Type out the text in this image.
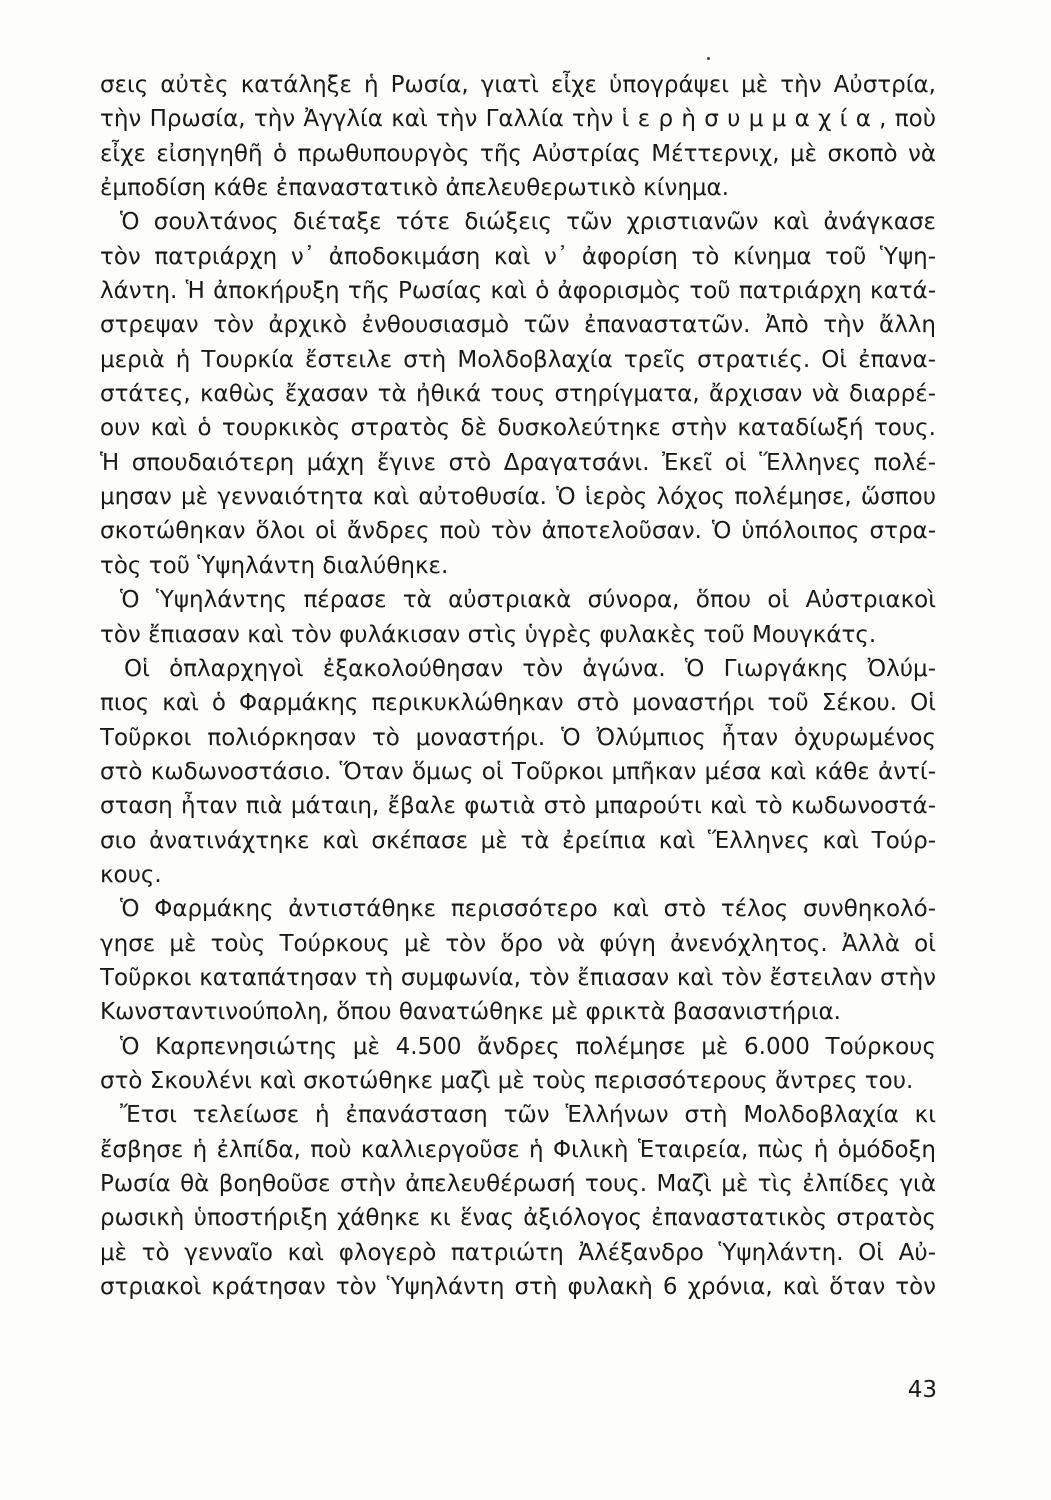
σεις αὐτὲς κατάληξε ἡ Ρωσία, γιατὶ εἶχε ὑπογράψει μὲ τὴν Αὐστρία,
τὴν Πρωσία, τὴν Ἀγγλία καὶ τὴν Γαλλία τὴν ἱ ε ρ ὴ σ υ μ μ α χ ί α , ποὺ
εἶχε εἰσηγηθῆ ὁ πρωθυπουργὸς τῆς Αὐστρίας Μέττερνιχ, μὲ σκοπὸ νὰ
ἐμποδίση κάθε ἐπαναστατικὸ ἀπελευθερωτικὸ κίνημα.
Ὁ σουλτάνος διέταξε τότε διώξεις τῶν χριστιανῶν καὶ ἀνάγκασε
τὸν πατριάρχη ν᾽ ἀποδοκιμάση καὶ ν᾽ ἀφορίση τὸ κίνημα τοῦ Ὑψη-
λάντη. Ἡ ἀποκήρυξη τῆς Ρωσίας καὶ ὁ ἀφορισμὸς τοῦ πατριάρχη κατά-
στρεψαν τὸν ἀρχικὸ ἐνθουσιασμὸ τῶν ἐπαναστατῶν. Ἀπὸ τὴν ἄλλη
μεριὰ ἡ Τουρκία ἔστειλε στὴ Μολδοβλαχία τρεῖς στρατιές. Οἱ ἐπανα-
στάτες, καθὼς ἔχασαν τὰ ἠθικά τους στηρίγματα, ἄρχισαν νὰ διαρρέ-
ουν καὶ ὁ τουρκικὸς στρατὸς δὲ δυσκολεύτηκε στὴν καταδίωξή τους.
Ἡ σπουδαιότερη μάχη ἔγινε στὸ Δραγατσάνι. Ἐκεῖ οἱ Ἕλληνες πολέ-
μησαν μὲ γενναιότητα καὶ αὐτοθυσία. Ὁ ἱερὸς λόχος πολέμησε, ὥσπου
σκοτώθηκαν ὅλοι οἱ ἄνδρες ποὺ τὸν ἀποτελοῦσαν. Ὁ ὑπόλοιπος στρα-
τὸς τοῦ Ὑψηλάντη διαλύθηκε.
Ὁ Ὑψηλάντης πέρασε τὰ αὐστριακὰ σύνορα, ὅπου οἱ Αὐστριακοὶ
τὸν ἔπιασαν καὶ τὸν φυλάκισαν στὶς ὑγρὲς φυλακὲς τοῦ Μουγκάτς.
Οἱ ὁπλαρχηγοὶ ἐξακολούθησαν τὸν ἀγώνα. Ὁ Γιωργάκης Ὀλύμ-
πιος καὶ ὁ Φαρμάκης περικυκλώθηκαν στὸ μοναστήρι τοῦ Σέκου. Οἱ
Τοῦρκοι πολιόρκησαν τὸ μοναστήρι. Ὁ Ὀλύμπιος ἦταν ὀχυρωμένος
στὸ κωδωνοστάσιο. Ὅταν ὅμως οἱ Τοῦρκοι μπῆκαν μέσα καὶ κάθε ἀντί-
σταση ἦταν πιὰ μάταιη, ἔβαλε φωτιὰ στὸ μπαρούτι καὶ τὸ κωδωνοστά-
σιο ἀνατινάχτηκε καὶ σκέπασε μὲ τὰ ἐρείπια καὶ Ἕλληνες καὶ Τούρ-
κους.
Ὁ Φαρμάκης ἀντιστάθηκε περισσότερο καὶ στὸ τέλος συνθηκολό-
γησε μὲ τοὺς Τούρκους μὲ τὸν ὅρο νὰ φύγη ἀνενόχλητος. Ἀλλὰ οἱ
Τοῦρκοι καταπάτησαν τὴ συμφωνία, τὸν ἔπιασαν καὶ τὸν ἔστειλαν στὴν
Κωνσταντινούπολη, ὅπου θανατώθηκε μὲ φρικτὰ βασανιστήρια.
Ὁ Καρπενησιώτης μὲ 4.500 ἄνδρες πολέμησε μὲ 6.000 Τούρκους
στὸ Σκουλένι καὶ σκοτώθηκε μαζὶ μὲ τοὺς περισσότερους ἄντρες του.
Ἔτσι τελείωσε ἡ ἐπανάσταση τῶν Ἑλλήνων στὴ Μολδοβλαχία κι
ἔσβησε ἡ ἐλπίδα, ποὺ καλλιεργοῦσε ἡ Φιλικὴ Ἑταιρεία, πὼς ἡ ὁμόδοξη
Ρωσία θὰ βοηθοῦσε στὴν ἀπελευθέρωσή τους. Μαζὶ μὲ τὶς ἐλπίδες γιὰ
ρωσικὴ ὑποστήριξη χάθηκε κι ἕνας ἀξιόλογος ἐπαναστατικὸς στρατὸς
μὲ τὸ γενναῖο καὶ φλογερὸ πατριώτη Ἀλέξανδρο Ὑψηλάντη. Οἱ Αὐ-
στριακοὶ κράτησαν τὸν Ὑψηλάντη στὴ φυλακὴ 6 χρόνια, καὶ ὅταν τὸν
43
